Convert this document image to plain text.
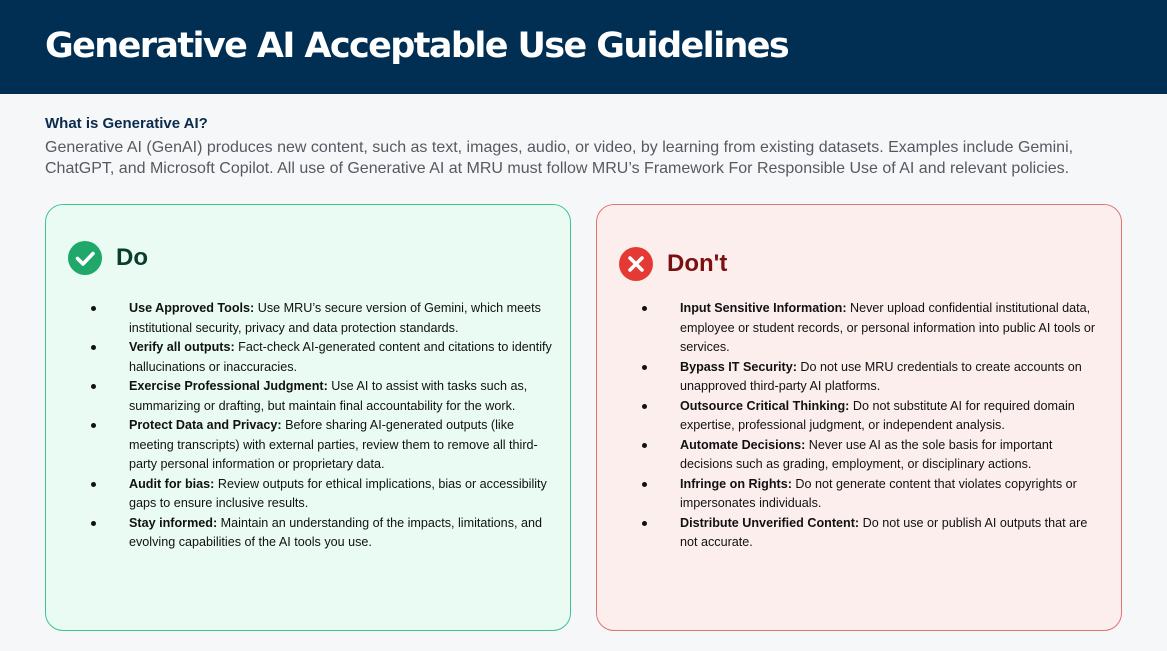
Generative AI Acceptable Use Guidelines
What is Generative AI?

Generative AI (GenAI) produces new content, such as text, images, audio, or video, by learning from existing datasets. Examples include Gemini, ChatGPT, and Microsoft Copilot. All use of Generative AI at MRU must follow MRU’s Framework For Responsible Use of AI and relevant policies.

Do
Use Approved Tools: Use MRU’s secure version of Gemini, which meets institutional security, privacy and data protection standards.
Verify all outputs: Fact-check AI-generated content and citations to identify hallucinations or inaccuracies.
Exercise Professional Judgment: Use AI to assist with tasks such as, summarizing or drafting, but maintain final accountability for the work.
Protect Data and Privacy: Before sharing AI-generated outputs (like meeting transcripts) with external parties, review them to remove all third-party personal information or proprietary data.
Audit for bias: Review outputs for ethical implications, bias or accessibility gaps to ensure inclusive results.
Stay informed: Maintain an understanding of the impacts, limitations, and evolving capabilities of the AI tools you use.
Don't
Input Sensitive Information: Never upload confidential institutional data, employee or student records, or personal information into public AI tools or services.
Bypass IT Security: Do not use MRU credentials to create accounts on unapproved third-party AI platforms.
Outsource Critical Thinking: Do not substitute AI for required domain expertise, professional judgment, or independent analysis.
Automate Decisions: Never use AI as the sole basis for important decisions such as grading, employment, or disciplinary actions.
Infringe on Rights: Do not generate content that violates copyrights or impersonates individuals.
Distribute Unverified Content: Do not use or publish AI outputs that are not accurate.
